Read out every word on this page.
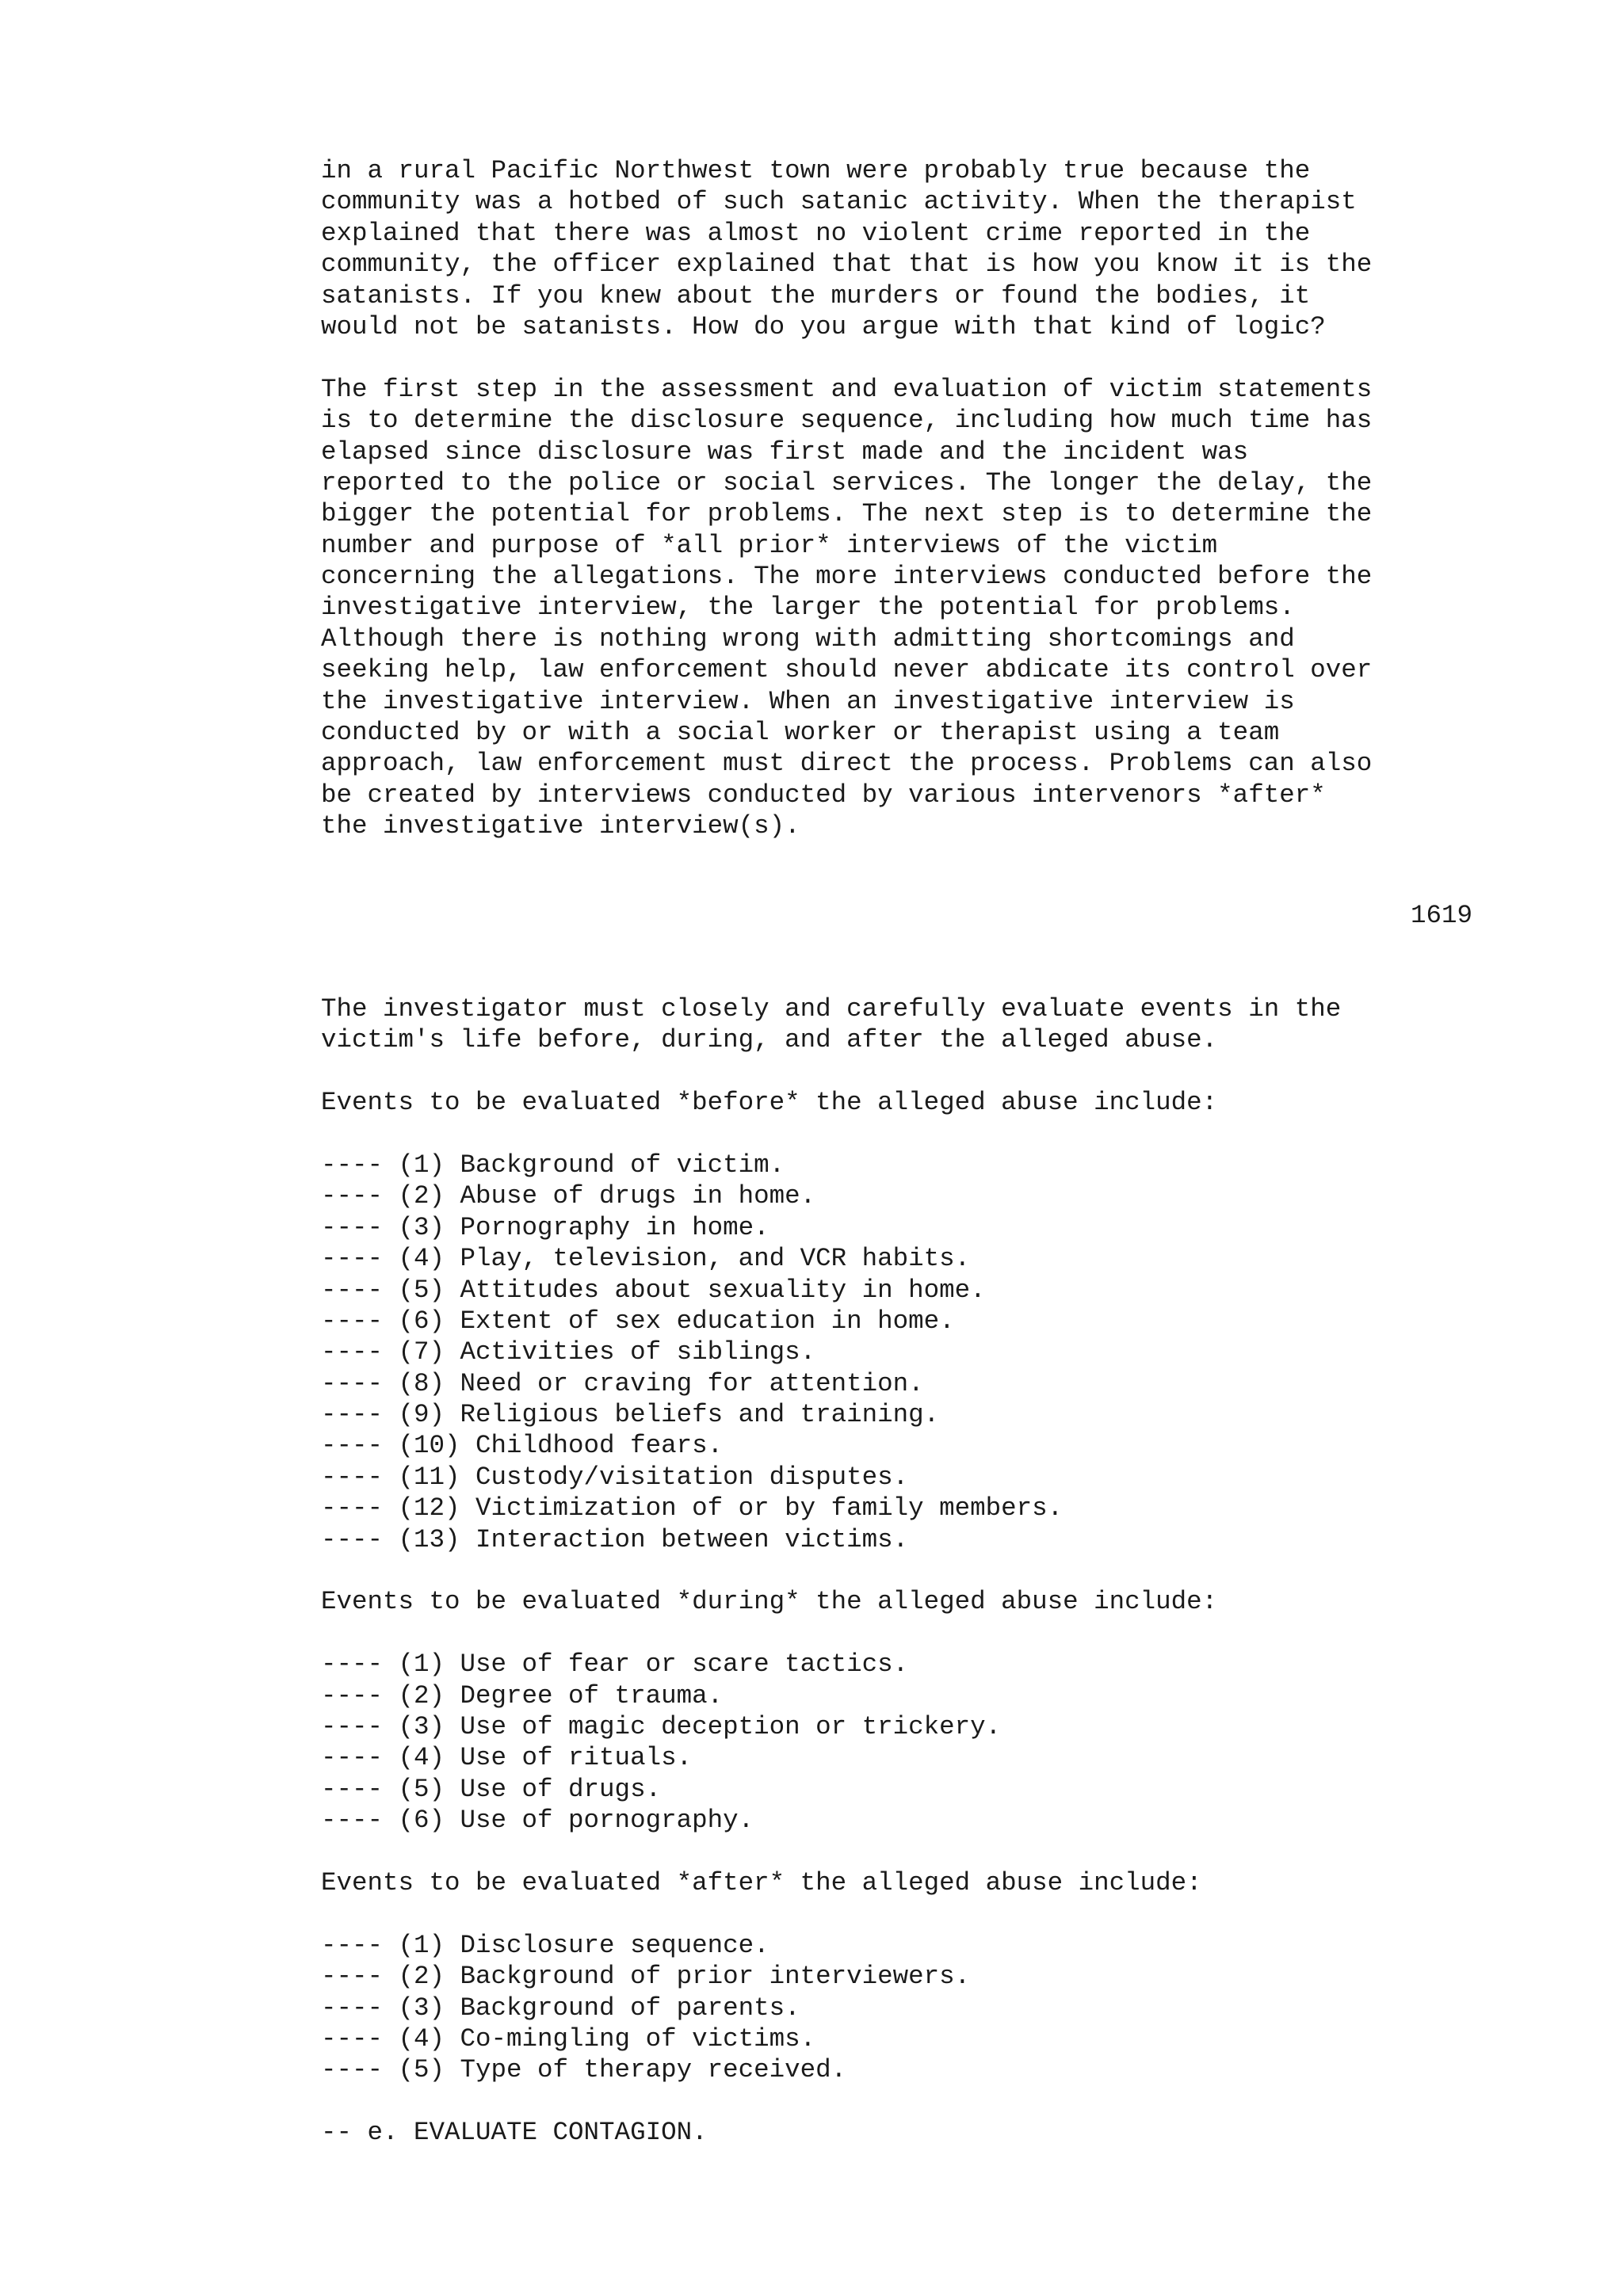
in a rural Pacific Northwest town were probably true because the
community was a hotbed of such satanic activity. When the therapist
explained that there was almost no violent crime reported in the
community, the officer explained that that is how you know it is the
satanists. If you knew about the murders or found the bodies, it
would not be satanists. How do you argue with that kind of logic?
The first step in the assessment and evaluation of victim statements
is to determine the disclosure sequence, including how much time has
elapsed since disclosure was first made and the incident was
reported to the police or social services. The longer the delay, the
bigger the potential for problems. The next step is to determine the
number and purpose of *all prior* interviews of the victim
concerning the allegations. The more interviews conducted before the
investigative interview, the larger the potential for problems.
Although there is nothing wrong with admitting shortcomings and
seeking help, law enforcement should never abdicate its control over
the investigative interview. When an investigative interview is
conducted by or with a social worker or therapist using a team
approach, law enforcement must direct the process. Problems can also
be created by interviews conducted by various intervenors *after*
the investigative interview(s).
1619
The investigator must closely and carefully evaluate events in the
victim's life before, during, and after the alleged abuse.
Events to be evaluated *before* the alleged abuse include:
---- (1) Background of victim.
---- (2) Abuse of drugs in home.
---- (3) Pornography in home.
---- (4) Play, television, and VCR habits.
---- (5) Attitudes about sexuality in home.
---- (6) Extent of sex education in home.
---- (7) Activities of siblings.
---- (8) Need or craving for attention.
---- (9) Religious beliefs and training.
---- (10) Childhood fears.
---- (11) Custody/visitation disputes.
---- (12) Victimization of or by family members.
---- (13) Interaction between victims.
Events to be evaluated *during* the alleged abuse include:
---- (1) Use of fear or scare tactics.
---- (2) Degree of trauma.
---- (3) Use of magic deception or trickery.
---- (4) Use of rituals.
---- (5) Use of drugs.
---- (6) Use of pornography.
Events to be evaluated *after* the alleged abuse include:
---- (1) Disclosure sequence.
---- (2) Background of prior interviewers.
---- (3) Background of parents.
---- (4) Co-mingling of victims.
---- (5) Type of therapy received.
-- e. EVALUATE CONTAGION.
